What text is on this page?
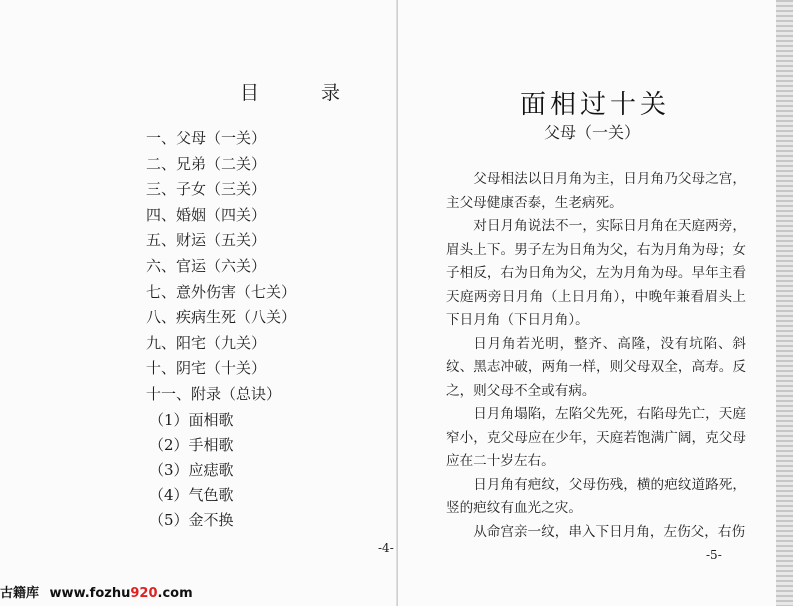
目 录
一、父母（一关）
二、兄弟（二关）
三、子女（三关）
四、婚姻（四关）
五、财运（五关）
六、官运（六关）
七、意外伤害（七关）
八、疾病生死（八关）
九、阳宅（九关）
十、阴宅（十关）
十一、附录（总诀）
（1）面相歌
（2）手相歌
（3）应痣歌
（4）气色歌
（5）金不换
-4-
面相过十关
父母（一关）

父母相法以日月角为主，日月角乃父母之宫，主父母健康否泰，生老病死。

对日月角说法不一，实际日月角在天庭两旁，眉头上下。男子左为日角为父，右为月角为母；女子相反，右为日角为父，左为月角为母。早年主看天庭两旁日月角（上日月角），中晚年兼看眉头上下日月角（下日月角）。

日月角若光明，整齐、高隆，没有坑陷、斜纹、黑志冲破，两角一样，则父母双全，高寿。反之，则父母不全或有病。

日月角塌陷，左陷父先死，右陷母先亡，天庭窄小，克父母应在少年，天庭若饱满广阔，克父母应在二十岁左右。

日月角有疤纹，父母伤残，横的疤纹道路死，竖的疤纹有血光之灾。

从命宫亲一纹，串入下日月角，左伤父，右伤

-5-
古籍库 www.fozhu920.com
